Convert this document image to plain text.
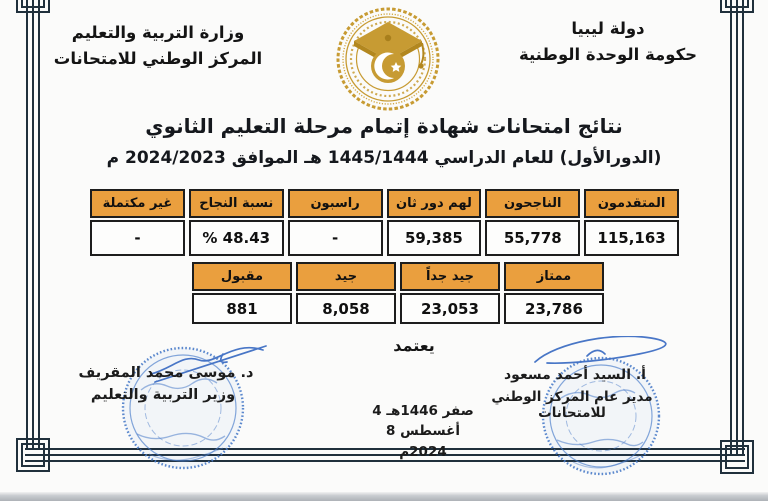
دولة ليبيا
حكومة الوحدة الوطنية
وزارة التربية والتعليم
المركز الوطني للامتحانات
نتائج امتحانات شهادة إتمام مرحلة التعليم الثانوي
(الدورالأول) للعام الدراسي 1445/1444 هـ الموافق 2024/2023 م
المتقدمون	الناجحون	لهم دور ثان	راسبون	نسبة النجاح	غير مكتملة
115,163	55,778	59,385	-	% 48.43	-
ممتاز	جيد جداً	جيد	مقبول
23,786	23,053	8,058	881
يعتمد
4 صفر 1446هـ
8 أغسطس 2024م
د. موسى محمد المقريف
وزير التربية والتعليم
أ. السيد أحمد مسعود
مدير عام المركز الوطني للامتحانات
